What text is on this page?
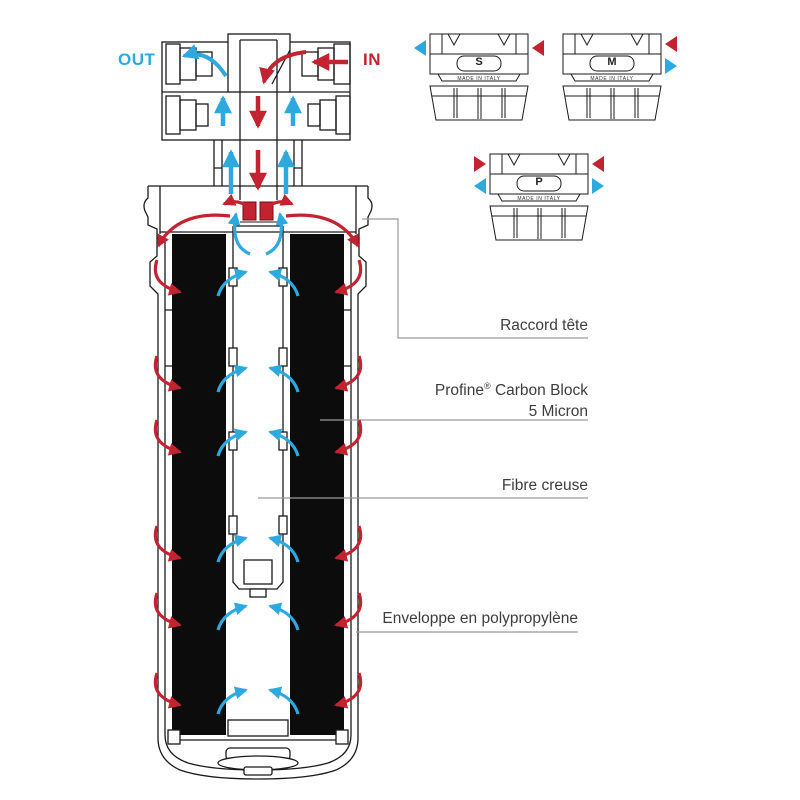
OUT	IN
Raccord tête
Profine® Carbon Block
5 Micron
Fibre creuse
Enveloppe en polypropylène
S
MADE IN ITALY
M
MADE IN ITALY
P
MADE IN ITALY
